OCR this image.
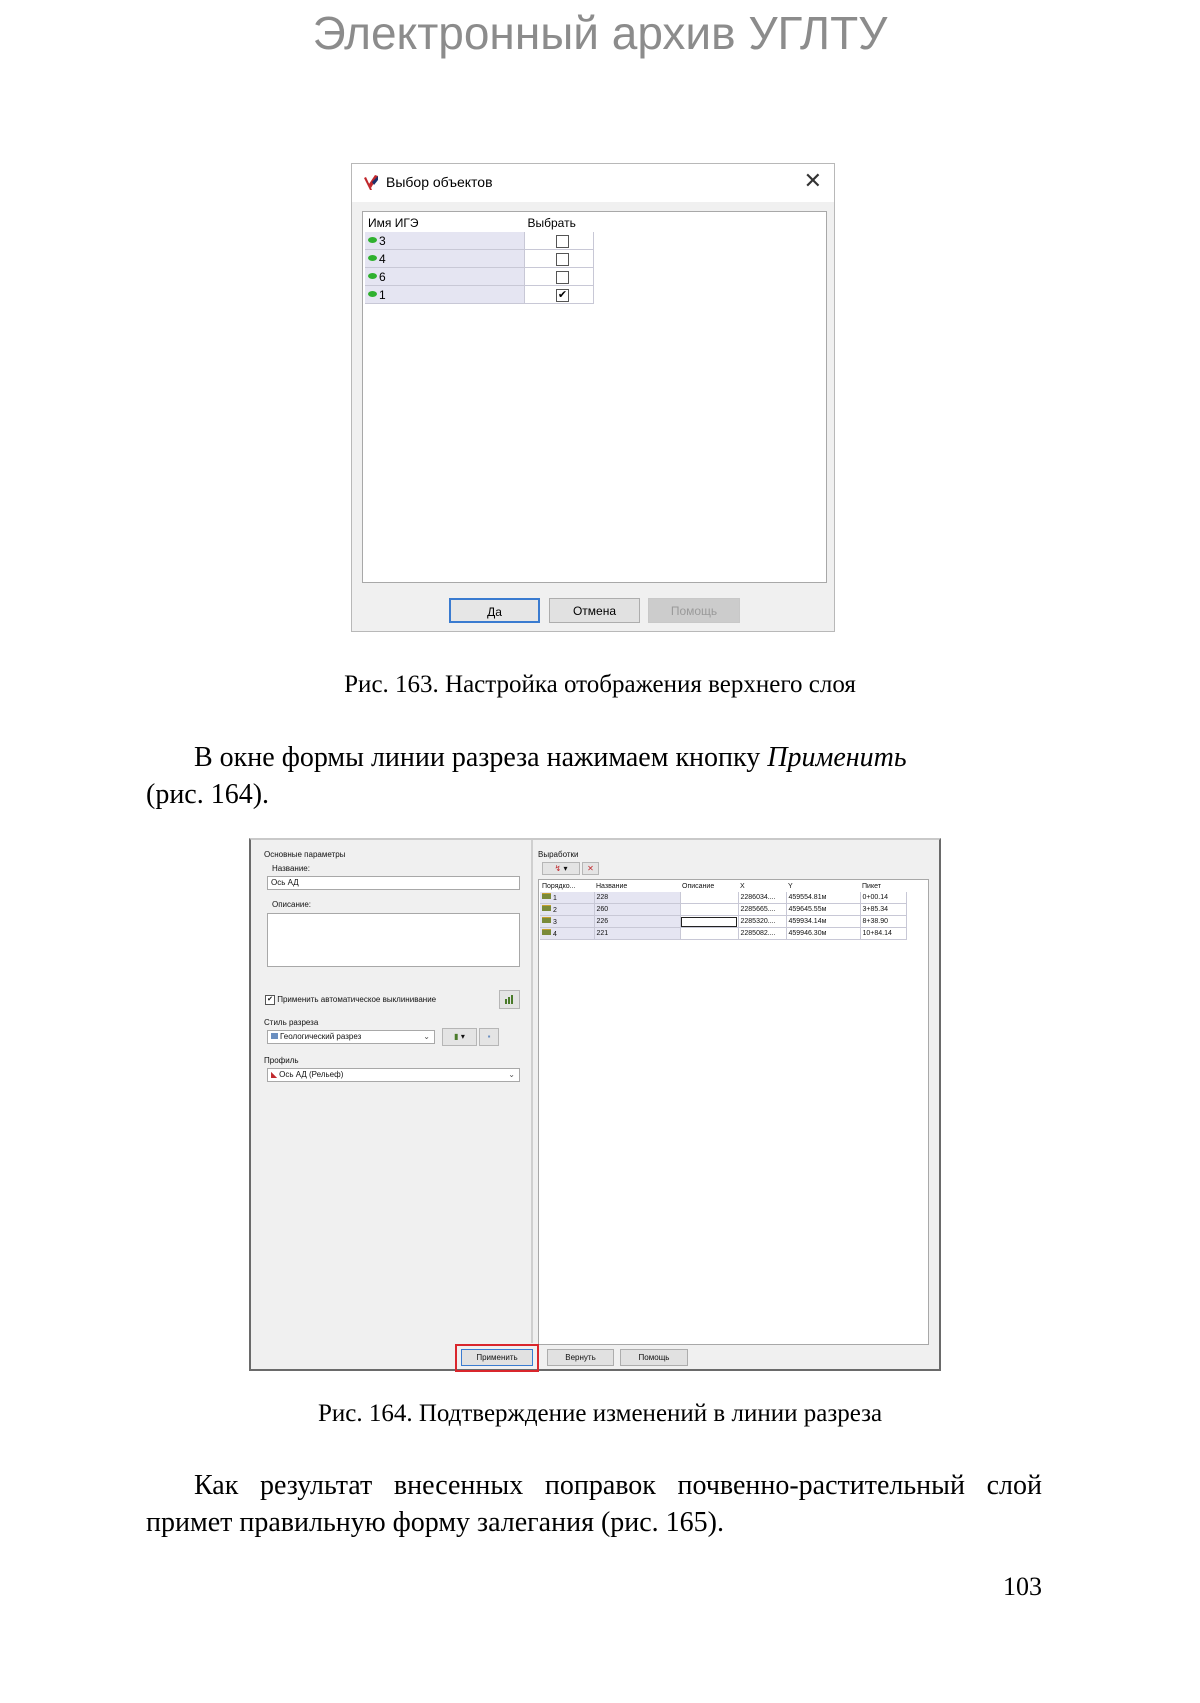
Электронный архив УГЛТУ
Выбор объектов	✕
Имя ИГЭ	Выбрать
3	
4	
6	
1	✔
Да	Отмена	Помощь
Рис. 163. Настройка отображения верхнего слоя
В окне формы линии разреза нажимаем кнопку Применить
(рис. 164).
Основные параметры
Название:
Ось АД
Описание:
✔ Применить автоматическое выклинивание
Стиль разреза
Геологический разрез	⌄	▮ ▾	▪
Профиль
◣ Ось АД (Рельеф)	⌄
Выработки
↯ ▾	✕
Порядко...	Название	Описание	X	Y	Пикет
1	228		2286034....	459554.81м	0+00.14
2	260		2285665....	459645.55м	3+85.34
3	226		2285320....	459934.14м	8+38.90
4	221		2285082....	459946.30м	10+84.14
Применить	Вернуть	Помощь
Рис. 164. Подтверждение изменений в линии разреза
Как результат внесенных поправок почвенно-растительный слой примет правильную форму залегания (рис. 165).
103
